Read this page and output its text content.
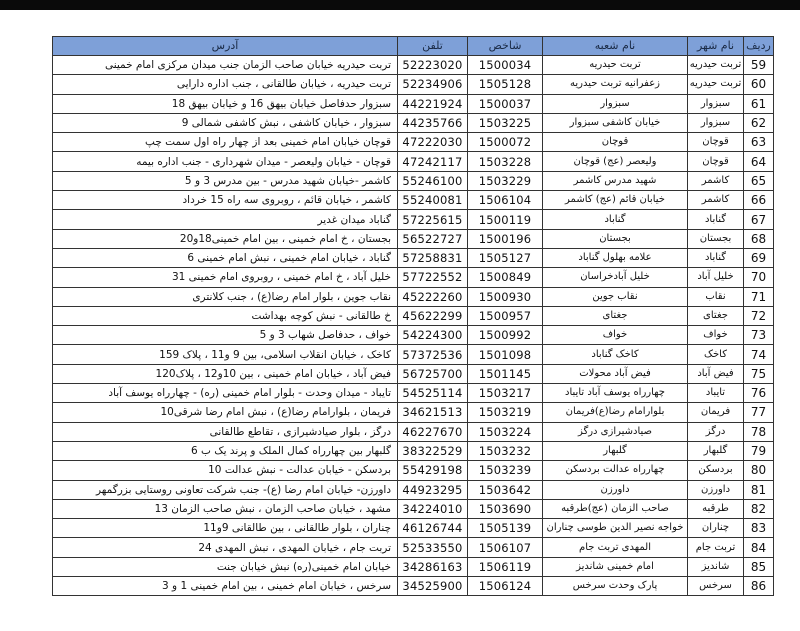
ردیف	نام شهر	نام شعبه	شاخص	تلفن	آدرس
59	تربت حیدریه	تربت حیدریه	1500034	52223020	تربت حیدریه خیابان صاحب الزمان جنب میدان مرکزی امام خمینی
60	تربت حیدریه	زعفرانیه تربت حیدریه	1505128	52234906	تربت حیدریه ، خیابان طالقانی ، جنب اداره دارایی
61	سبزوار	سبزوار	1500037	44221924	سبزوار حدفاصل خیابان بیهق 16 و خیابان بیهق 18
62	سبزوار	خیابان کاشفی سبزوار	1503225	44235766	سبزوار ، خیابان کاشفی ، نبش کاشفی شمالی 9
63	قوچان	قوچان	1500072	47222030	قوچان خیابان امام خمینی بعد از چهار راه اول سمت چپ
64	قوچان	ولیعصر (عج) قوچان	1503228	47242117	قوچان - خیابان ولیعصر - میدان شهرداری - جنب اداره بیمه
65	کاشمر	شهید مدرس کاشمر	1503229	55246100	کاشمر -خیابان شهید مدرس - بین مدرس 3 و 5
66	کاشمر	خیابان قائم (عج) کاشمر	1506104	55240081	کاشمر ، خیابان قائم ، روبروی سه راه 15 خرداد
67	گناباد	گناباد	1500119	57225615	گناباد میدان غدیر
68	بجستان	بجستان	1500196	56522727	بجستان ، خ امام خمینی ، بین امام خمینی18و20
69	گناباد	علامه بهلول گناباد	1505127	57258831	گناباد ، خیابان امام خمینی ، نبش امام خمینی 6
70	خلیل آباد	خلیل آبادخراسان	1500849	57722552	خلیل آباد ، خ امام خمینی ، روبروی امام خمینی 31
71	نقاب	نقاب جوین	1500930	45222260	نقاب جوین ، بلوار امام رضا(ع) ، جنب کلانتری
72	جغتای	جغتای	1500957	45622299	خ طالقانی - نبش کوچه بهداشت
73	خواف	خواف	1500992	54224300	خواف ، حدفاصل شهاب 3 و 5
74	کاخک	کاخک گناباد	1501098	57372536	کاخک ، خیابان انقلاب اسلامی، بین 9 و11 ، پلاک 159
75	فیض آباد	فیض آباد محولات	1501145	56725700	فیض آباد ، خیابان امام خمینی ، بین 10و12 ، پلاک120
76	تایباد	چهارراه یوسف آباد تایباد	1503217	54525114	تایباد - میدان وحدت - بلوار امام خمینی (ره) - چهارراه یوسف آباد
77	فریمان	بلوارامام رضا(ع)فریمان	1503219	34621513	فریمان ، بلوارامام رضا(ع) ، نبش امام رضا شرقی10
78	درگز	صیادشیرازی درگز	1503224	46227670	درگز ، بلوار صیادشیرازی ، تقاطع طالقانی
79	گلبهار	گلبهار	1503232	38322529	گلبهار بین چهارراه کمال الملک و پرند یک ب 6
80	بردسکن	چهارراه عدالت بردسکن	1503239	55429198	بردسکن - خیابان عدالت - نبش عدالت 10
81	داورزن	داورزن	1503642	44923295	داورزن- خیابان امام رضا (ع)- جنب شرکت تعاونی روستایی بزرگمهر
82	طرقبه	صاحب الزمان (عج)طرقبه	1503690	34224010	مشهد ، خیابان صاحب الزمان ، نبش صاحب الزمان 13
83	چناران	خواجه نصیر الدین طوسی چناران	1505139	46126744	چناران ، بلوار طالقانی ، بین طالقانی 9و11
84	تربت جام	المهدی تربت جام	1506107	52533550	تربت جام ، خیابان المهدی ، نبش المهدی 24
85	شاندیز	امام خمینی شاندیز	1506119	34286163	خیابان امام خمینی(ره) نبش خیابان جنت
86	سرخس	پارک وحدت سرخس	1506124	34525900	سرخس ، خیابان امام خمینی ، بین امام خمینی 1 و 3
